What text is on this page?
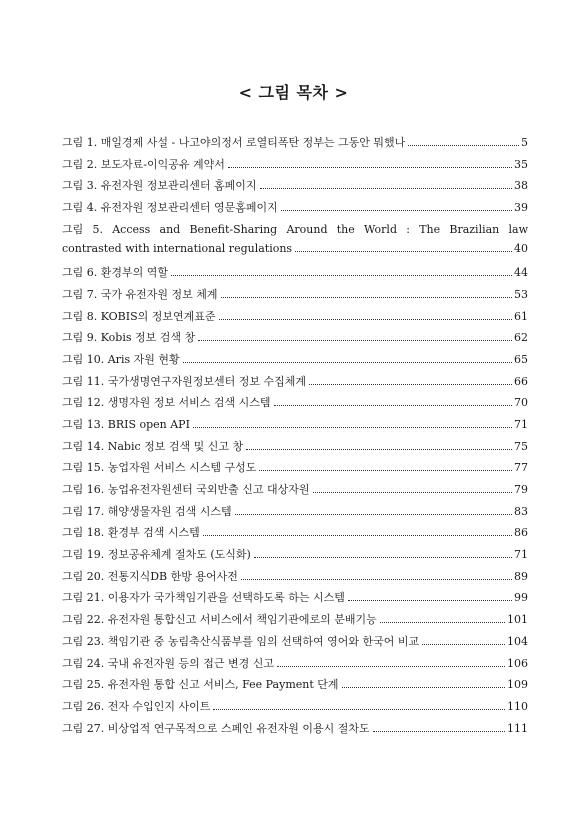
< 그림 목차 >
그림 1. 매일경제 사설 - 나고야의정서 로열티폭탄 정부는 그동안 뭐했나	5
그림 2. 보도자료-이익공유 계약서	35
그림 3. 유전자원 정보관리센터 홈페이지	38
그림 4. 유전자원 정보관리센터 영문홈페이지	39
그림 5. Access and Benefit-Sharing Around the World : The Brazilian law
contrasted with international regulations	40
그림 6. 환경부의 역할	44
그림 7. 국가 유전자원 정보 체계	53
그림 8. KOBIS의 정보연계표준	61
그림 9. Kobis 정보 검색 창	62
그림 10. Aris 자원 현황	65
그림 11. 국가생명연구자원정보센터 정보 수집체계	66
그림 12. 생명자원 정보 서비스 검색 시스템	70
그림 13. BRIS open API	71
그림 14. Nabic 정보 검색 및 신고 창	75
그림 15. 농업자원 서비스 시스템 구성도	77
그림 16. 농업유전자원센터 국외반출 신고 대상자원	79
그림 17. 해양생물자원 검색 시스템	83
그림 18. 환경부 검색 시스템	86
그림 19. 정보공유체계 절차도 (도식화)	71
그림 20. 전통지식DB 한방 용어사전	89
그림 21. 이용자가 국가책임기관을 선택하도록 하는 시스템	99
그림 22. 유전자원 통합신고 서비스에서 책임기관에로의 분배기능	101
그림 23. 책임기관 중 농림축산식품부를 임의 선택하여 영어와 한국어 비교	104
그림 24. 국내 유전자원 등의 접근 변경 신고	106
그림 25. 유전자원 통합 신고 서비스, Fee Payment 단계	109
그림 26. 전자 수입인지 사이트	110
그림 27. 비상업적 연구목적으로 스페인 유전자원 이용시 절차도	111
